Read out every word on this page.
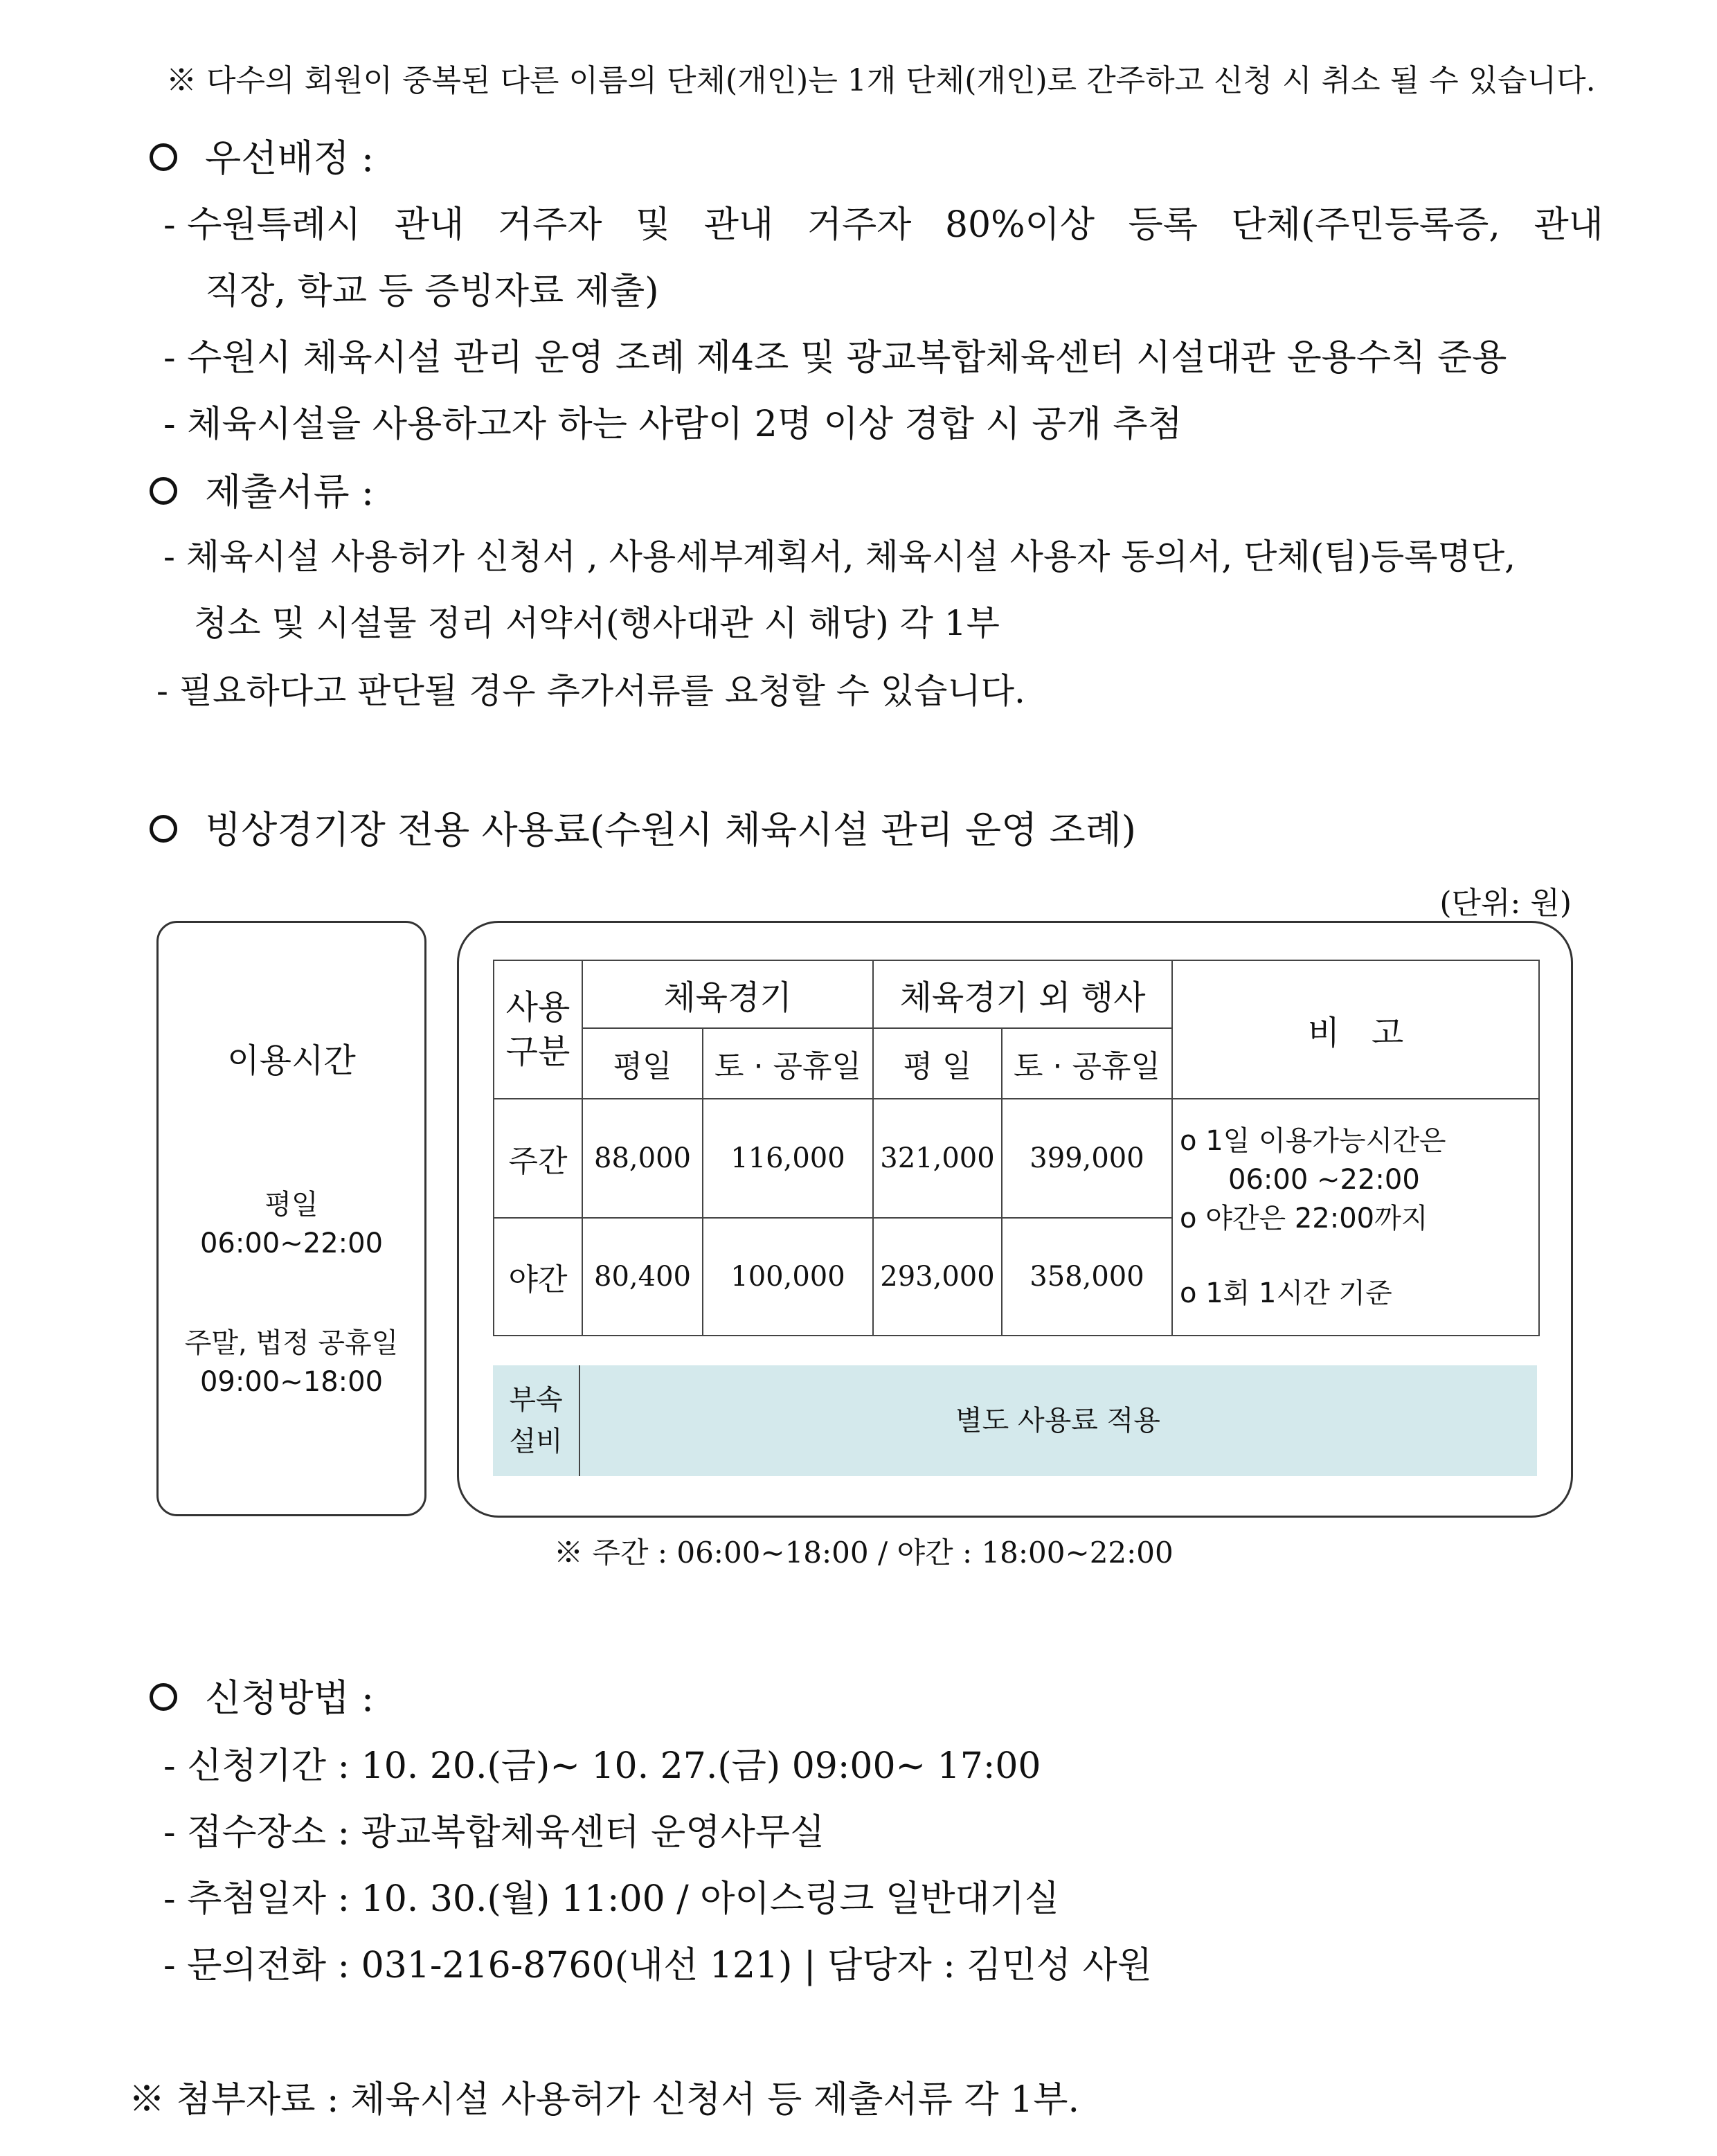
※ 다수의 회원이 중복된 다른 이름의 단체(개인)는 1개 단체(개인)로 간주하고 신청 시 취소 될 수 있습니다.
우선배정 :
- 수원특례시 관내 거주자 및 관내 거주자 80%이상 등록 단체(주민등록증, 관내
직장, 학교 등 증빙자료 제출)
- 수원시 체육시설 관리 운영 조례 제4조 및 광교복합체육센터 시설대관 운용수칙 준용
- 체육시설을 사용하고자 하는 사람이 2명 이상 경합 시 공개 추첨
제출서류 :
- 체육시설 사용허가 신청서 , 사용세부계획서, 체육시설 사용자 동의서, 단체(팀)등록명단,
청소 및 시설물 정리 서약서(행사대관 시 해당) 각 1부
- 필요하다고 판단될 경우 추가서류를 요청할 수 있습니다.
빙상경기장 전용 사용료(수원시 체육시설 관리 운영 조례)
(단위: 원)
이용시간
평일
06:00~22:00
주말, 법정 공휴일
09:00~18:00
사용
구분	체육경기		체육경기 외 행사		비   고
	평일	토 · 공휴일	평 일	토 · 공휴일	
주간	88,000	116,000	321,000	399,000	o 1일 이용가능시간은
06:00 ~22:00
o 야간은 22:00까지
o 1회 1시간 기준

야간	80,400	100,000	293,000	358,000	
부속
설비
별도 사용료 적용
※ 주간 : 06:00~18:00 / 야간 : 18:00~22:00
신청방법 :
- 신청기간 : 10. 20.(금)~ 10. 27.(금) 09:00~ 17:00
- 접수장소 : 광교복합체육센터 운영사무실
- 추첨일자 : 10. 30.(월) 11:00 / 아이스링크 일반대기실
- 문의전화 : 031-216-8760(내선 121) | 담당자 : 김민성 사원
※ 첨부자료 : 체육시설 사용허가 신청서 등 제출서류 각 1부.
